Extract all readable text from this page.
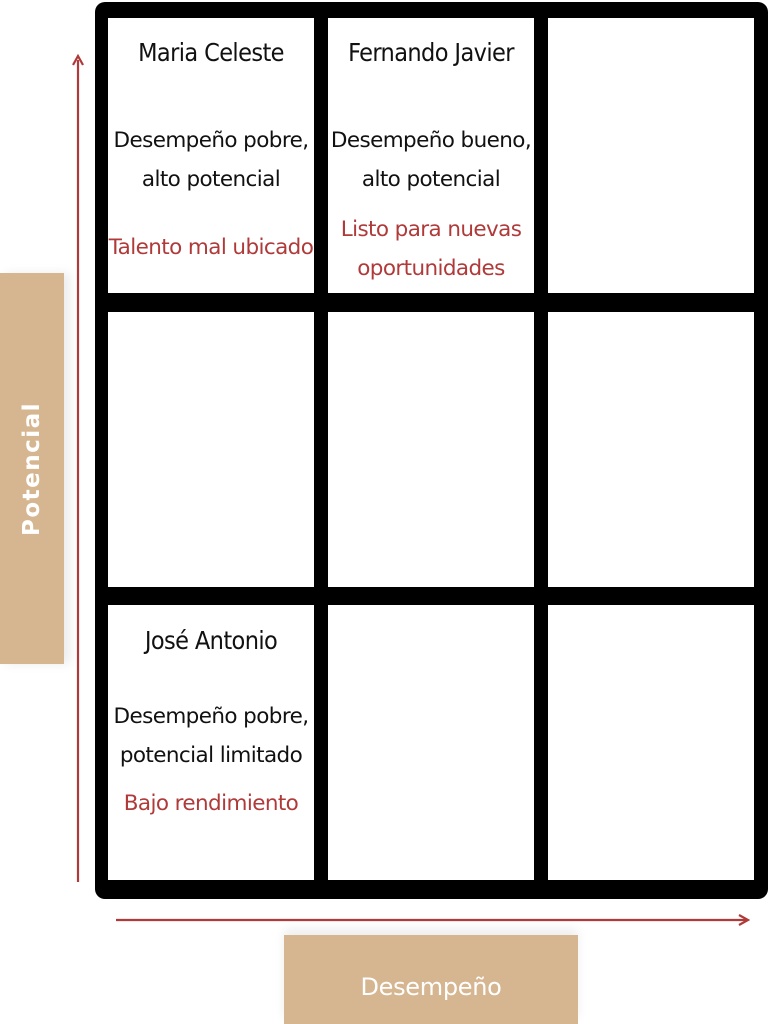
Potencial
Desempeño
Maria Celeste
Desempeño pobre,
alto potencial
Talento mal ubicado
Fernando Javier
Desempeño bueno,
alto potencial
Listo para nuevas
oportunidades
José Antonio
Desempeño pobre,
potencial limitado
Bajo rendimiento
